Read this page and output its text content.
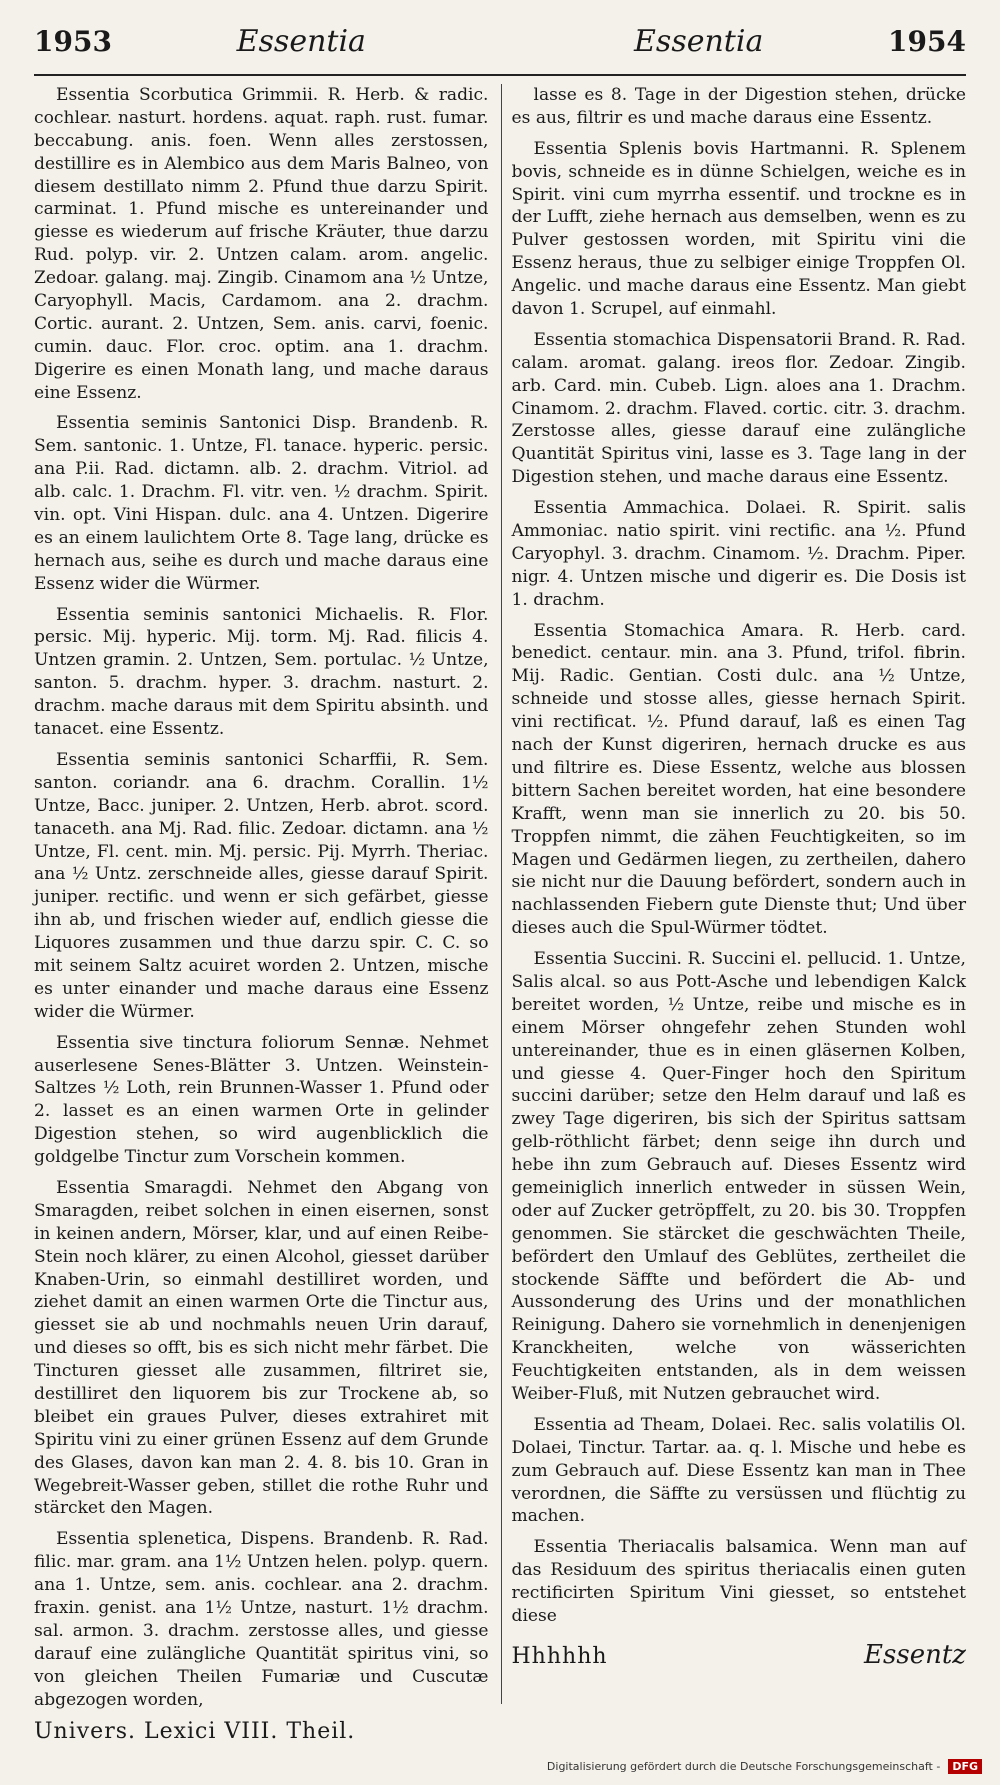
1953	Essentia	Essentia	1954

Essentia Scorbutica Grimmii. R. Herb. & radic. cochlear. nasturt. hordens. aquat. raph. rust. fumar. beccabung. anis. foen. Wenn alles zerstossen, destillire es in Alembico aus dem Maris Balneo, von diesem destillato nimm 2. Pfund thue darzu Spirit. carminat. 1. Pfund mische es untereinander und giesse es wiederum auf frische Kräuter, thue darzu Rud. polyp. vir. 2. Untzen calam. arom. angelic. Zedoar. galang. maj. Zingib. Cinamom ana ½ Untze, Caryophyll. Macis, Cardamom. ana 2. drachm. Cortic. aurant. 2. Untzen, Sem. anis. carvi, foenic. cumin. dauc. Flor. croc. optim. ana 1. drachm. Digerire es einen Monath lang, und mache daraus eine Essenz.

Essentia seminis Santonici Disp. Brandenb. R. Sem. santonic. 1. Untze, Fl. tanace. hyperic. persic. ana P.ii. Rad. dictamn. alb. 2. drachm. Vitriol. ad alb. calc. 1. Drachm. Fl. vitr. ven. ½ drachm. Spirit. vin. opt. Vini Hispan. dulc. ana 4. Untzen. Digerire es an einem laulichtem Orte 8. Tage lang, drücke es hernach aus, seihe es durch und mache daraus eine Essenz wider die Würmer.

Essentia seminis santonici Michaelis. R. Flor. persic. Mij. hyperic. Mij. torm. Mj. Rad. filicis 4. Untzen gramin. 2. Untzen, Sem. portulac. ½ Untze, santon. 5. drachm. hyper. 3. drachm. nasturt. 2. drachm. mache daraus mit dem Spiritu absinth. und tanacet. eine Essentz.

Essentia seminis santonici Scharffii, R. Sem. santon. coriandr. ana 6. drachm. Corallin. 1½ Untze, Bacc. juniper. 2. Untzen, Herb. abrot. scord. tanaceth. ana Mj. Rad. filic. Zedoar. dictamn. ana ½ Untze, Fl. cent. min. Mj. persic. Pij. Myrrh. Theriac. ana ½ Untz. zerschneide alles, giesse darauf Spirit. juniper. rectific. und wenn er sich gefärbet, giesse ihn ab, und frischen wieder auf, endlich giesse die Liquores zusammen und thue darzu spir. C. C. so mit seinem Saltz acuiret worden 2. Untzen, mische es unter einander und mache daraus eine Essenz wider die Würmer.

Essentia sive tinctura foliorum Sennæ. Nehmet auserlesene Senes-Blätter 3. Untzen. Weinstein-Saltzes ½ Loth, rein Brunnen-Wasser 1. Pfund oder 2. lasset es an einen warmen Orte in gelinder Digestion stehen, so wird augenblicklich die goldgelbe Tinctur zum Vorschein kommen.

Essentia Smaragdi. Nehmet den Abgang von Smaragden, reibet solchen in einen eisernen, sonst in keinen andern, Mörser, klar, und auf einen Reibe-Stein noch klärer, zu einen Alcohol, giesset darüber Knaben-Urin, so einmahl destilliret worden, und ziehet damit an einen warmen Orte die Tinctur aus, giesset sie ab und nochmahls neuen Urin darauf, und dieses so offt, bis es sich nicht mehr färbet. Die Tincturen giesset alle zusammen, filtriret sie, destilliret den liquorem bis zur Trockene ab, so bleibet ein graues Pulver, dieses extrahiret mit Spiritu vini zu einer grünen Essenz auf dem Grunde des Glases, davon kan man 2. 4. 8. bis 10. Gran in Wegebreit-Wasser geben, stillet die rothe Ruhr und stärcket den Magen.

Essentia splenetica, Dispens. Brandenb. R. Rad. filic. mar. gram. ana 1½ Untzen helen. polyp. quern. ana 1. Untze, sem. anis. cochlear. ana 2. drachm. fraxin. genist. ana 1½ Untze, nasturt. 1½ drachm. sal. armon. 3. drachm. zerstosse alles, und giesse darauf eine zulängliche Quantität spiritus vini, so von gleichen Theilen Fumariæ und Cuscutæ abgezogen worden,

Univers. Lexici VIII. Theil.

lasse es 8. Tage in der Digestion stehen, drücke es aus, filtrir es und mache daraus eine Essentz.

Essentia Splenis bovis Hartmanni. R. Splenem bovis, schneide es in dünne Schielgen, weiche es in Spirit. vini cum myrrha essentif. und trockne es in der Lufft, ziehe hernach aus demselben, wenn es zu Pulver gestossen worden, mit Spiritu vini die Essenz heraus, thue zu selbiger einige Troppfen Ol. Angelic. und mache daraus eine Essentz. Man giebt davon 1. Scrupel, auf einmahl.

Essentia stomachica Dispensatorii Brand. R. Rad. calam. aromat. galang. ireos flor. Zedoar. Zingib. arb. Card. min. Cubeb. Lign. aloes ana 1. Drachm. Cinamom. 2. drachm. Flaved. cortic. citr. 3. drachm. Zerstosse alles, giesse darauf eine zulängliche Quantität Spiritus vini, lasse es 3. Tage lang in der Digestion stehen, und mache daraus eine Essentz.

Essentia Ammachica. Dolaei. R. Spirit. salis Ammoniac. natio spirit. vini rectific. ana ½. Pfund Caryophyl. 3. drachm. Cinamom. ½. Drachm. Piper. nigr. 4. Untzen mische und digerir es. Die Dosis ist 1. drachm.

Essentia Stomachica Amara. R. Herb. card. benedict. centaur. min. ana 3. Pfund, trifol. fibrin. Mij. Radic. Gentian. Costi dulc. ana ½ Untze, schneide und stosse alles, giesse hernach Spirit. vini rectificat. ½. Pfund darauf, laß es einen Tag nach der Kunst digeriren, hernach drucke es aus und filtrire es. Diese Essentz, welche aus blossen bittern Sachen bereitet worden, hat eine besondere Krafft, wenn man sie innerlich zu 20. bis 50. Troppfen nimmt, die zähen Feuchtigkeiten, so im Magen und Gedärmen liegen, zu zertheilen, dahero sie nicht nur die Dauung befördert, sondern auch in nachlassenden Fiebern gute Dienste thut; Und über dieses auch die Spul-Würmer tödtet.

Essentia Succini. R. Succini el. pellucid. 1. Untze, Salis alcal. so aus Pott-Asche und lebendigen Kalck bereitet worden, ½ Untze, reibe und mische es in einem Mörser ohngefehr zehen Stunden wohl untereinander, thue es in einen gläsernen Kolben, und giesse 4. Quer-Finger hoch den Spiritum succini darüber; setze den Helm darauf und laß es zwey Tage digeriren, bis sich der Spiritus sattsam gelb-röthlicht färbet; denn seige ihn durch und hebe ihn zum Gebrauch auf. Dieses Essentz wird gemeiniglich innerlich entweder in süssen Wein, oder auf Zucker getröpffelt, zu 20. bis 30. Troppfen genommen. Sie stärcket die geschwächten Theile, befördert den Umlauf des Geblütes, zertheilet die stockende Säffte und befördert die Ab- und Aussonderung des Urins und der monathlichen Reinigung. Dahero sie vornehmlich in denenjenigen Kranckheiten, welche von wässerichten Feuchtigkeiten entstanden, als in dem weissen Weiber-Fluß, mit Nutzen gebrauchet wird.

Essentia ad Theam, Dolaei. Rec. salis volatilis Ol. Dolaei, Tinctur. Tartar. aa. q. l. Mische und hebe es zum Gebrauch auf. Diese Essentz kan man in Thee verordnen, die Säffte zu versüssen und flüchtig zu machen.

Essentia Theriacalis balsamica. Wenn man auf das Residuum des spiritus theriacalis einen guten rectificirten Spiritum Vini giesset, so entstehet diese

Hhhhhh	Essentz
Digitalisierung gefördert durch die Deutsche Forschungsgemeinschaft -	DFG
